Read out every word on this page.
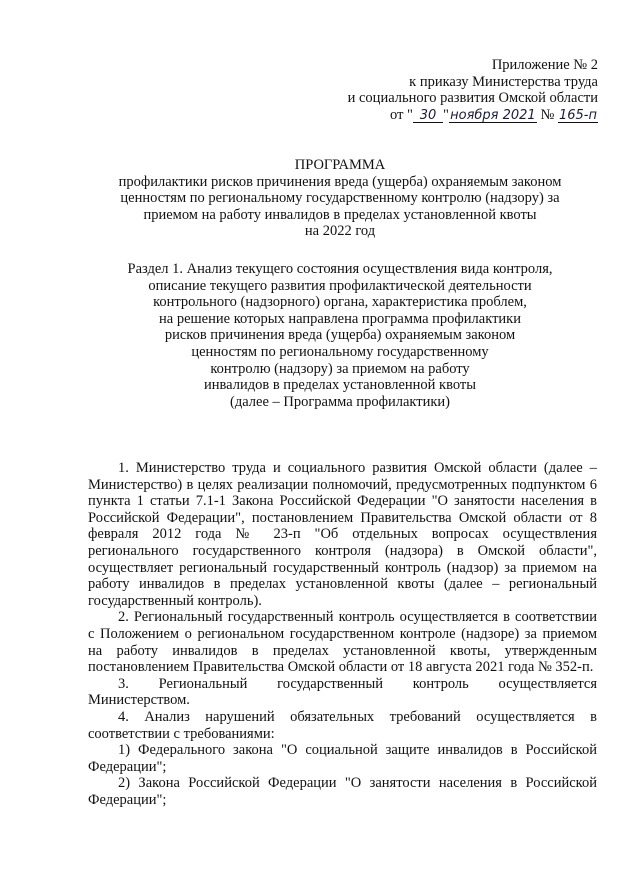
Приложение № 2
к приказу Министерства труда
и социального развития Омской области
от " 30 "ноября 2021 № 165-п
ПРОГРАММА
профилактики рисков причинения вреда (ущерба) охраняемым законом
ценностям по региональному государственному контролю (надзору) за
приемом на работу инвалидов в пределах установленной квоты
на 2022 год
Раздел 1. Анализ текущего состояния осуществления вида контроля,
описание текущего развития профилактической деятельности
контрольного (надзорного) органа, характеристика проблем,
на решение которых направлена программа профилактики
рисков причинения вреда (ущерба) охраняемым законом
ценностям по региональному государственному
контролю (надзору) за приемом на работу
инвалидов в пределах установленной квоты
(далее – Программа профилактики)

1. Министерство труда и социального развития Омской области (далее – Министерство) в целях реализации полномочий, предусмотренных подпунктом 6 пункта 1 статьи 7.1-1 Закона Российской Федерации "О занятости населения в Российской Федерации", постановлением Правительства Омской области от 8 февраля 2012 года № 23-п "Об отдельных вопросах осуществления регионального государственного контроля (надзора) в Омской области", осуществляет региональный государственный контроль (надзор) за приемом на работу инвалидов в пределах установленной квоты (далее – региональный государственный контроль).

2. Региональный государственный контроль осуществляется в соответствии с Положением о региональном государственном контроле (надзоре) за приемом на работу инвалидов в пределах установленной квоты, утвержденным постановлением Правительства Омской области от 18 августа 2021 года № 352-п.

3. Региональный государственный контроль осуществляется Министерством.

4. Анализ нарушений обязательных требований осуществляется в соответствии с требованиями:

1) Федерального закона "О социальной защите инвалидов в Российской Федерации";

2) Закона Российской Федерации "О занятости населения в Российской Федерации";
